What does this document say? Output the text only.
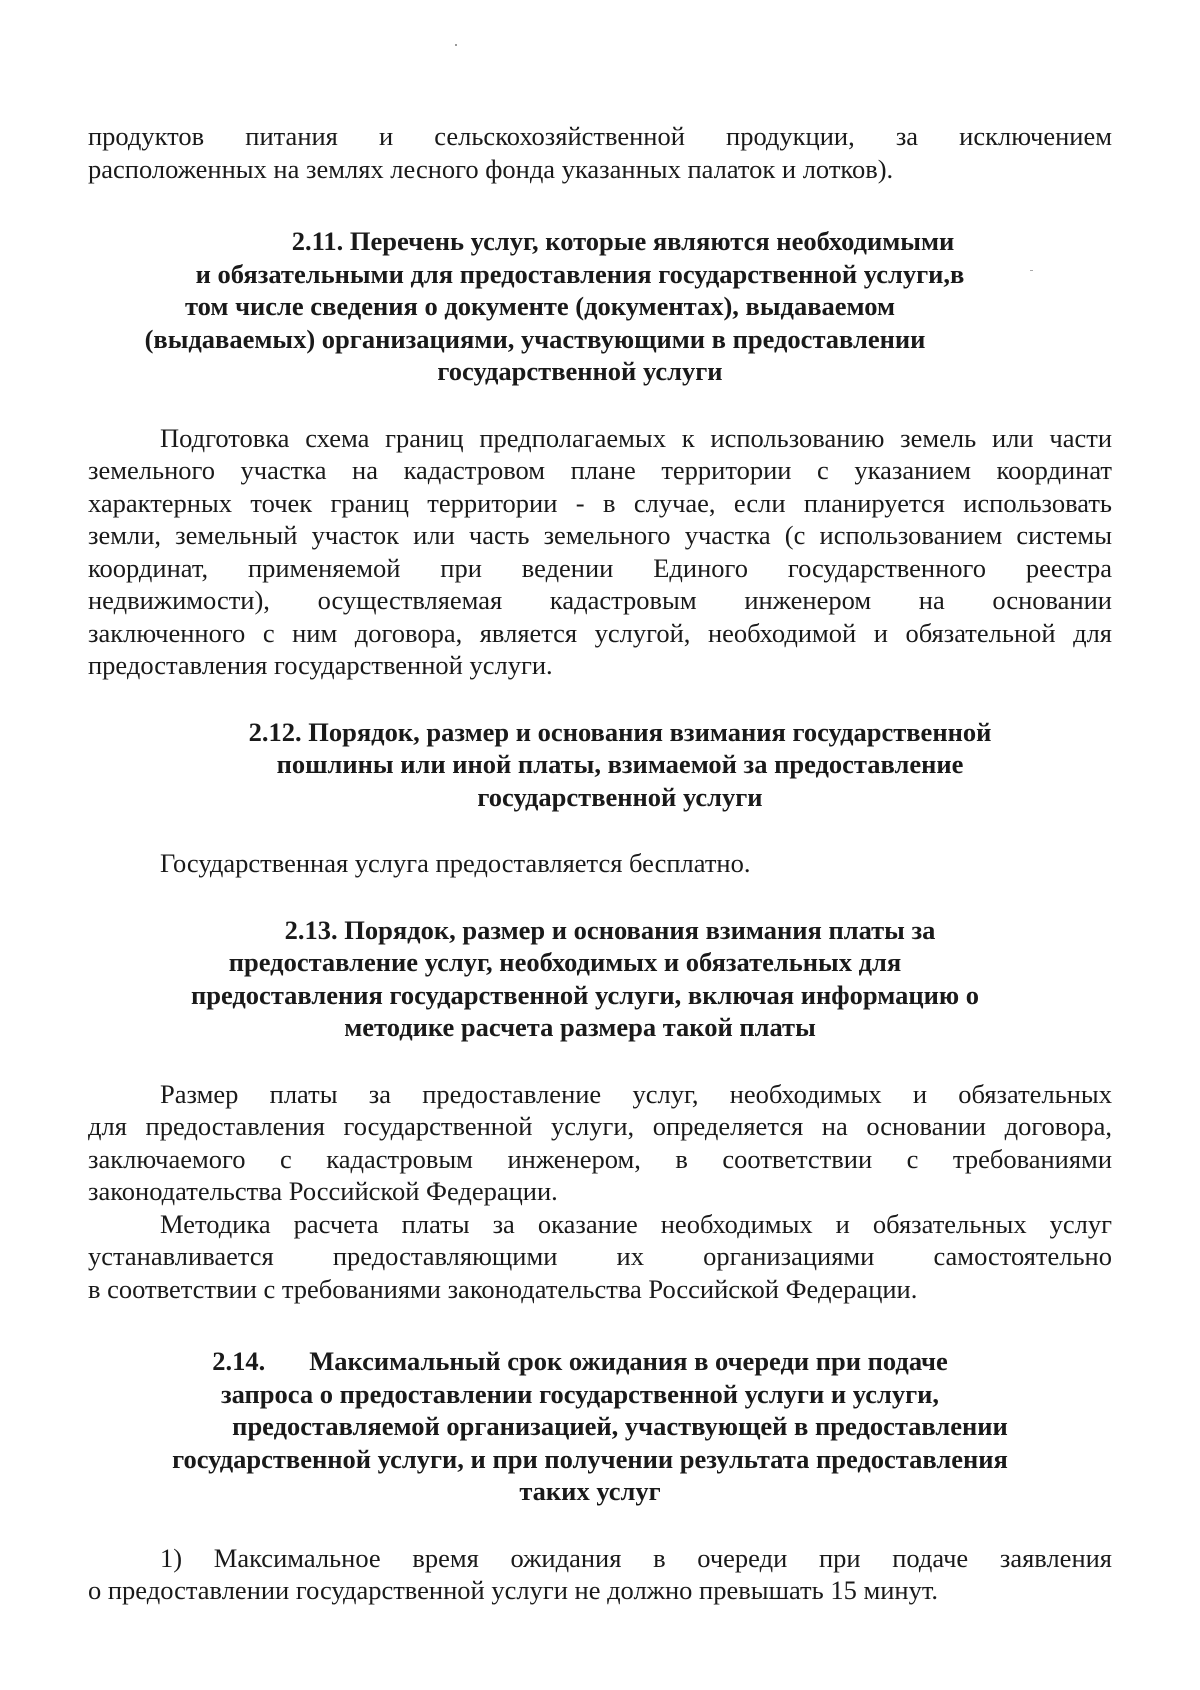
продуктов питания и сельскохозяйственной продукции, за исключением
расположенных на землях лесного фонда указанных палаток и лотков).
2.11. Перечень услуг, которые являются необходимыми
и обязательными для предоставления государственной услуги,в
том числе сведения о документе (документах), выдаваемом
(выдаваемых) организациями, участвующими в предоставлении
государственной услуги
Подготовка схема границ предполагаемых к использованию земель или части
земельного участка на кадастровом плане территории с указанием координат
характерных точек границ территории - в случае, если планируется использовать
земли, земельный участок или часть земельного участка (с использованием системы
координат, применяемой при ведении Единого государственного реестра
недвижимости), осуществляемая кадастровым инженером на основании
заключенного с ним договора, является услугой, необходимой и обязательной для
предоставления государственной услуги.
2.12. Порядок, размер и основания взимания государственной
пошлины или иной платы, взимаемой за предоставление
государственной услуги
Государственная услуга предоставляется бесплатно.
2.13. Порядок, размер и основания взимания платы за
предоставление услуг, необходимых и обязательных для
предоставления государственной услуги, включая информацию о
методике расчета размера такой платы
Размер платы за предоставление услуг, необходимых и обязательных
для предоставления государственной услуги, определяется на основании договора,
заключаемого с кадастровым инженером, в соответствии с требованиями
законодательства Российской Федерации.
Методика расчета платы за оказание необходимых и обязательных услуг
устанавливается предоставляющими их организациями самостоятельно
в соответствии с требованиями законодательства Российской Федерации.
2.14. Максимальный срок ожидания в очереди при подаче
запроса о предоставлении государственной услуги и услуги,
предоставляемой организацией, участвующей в предоставлении
государственной услуги, и при получении результата предоставления
таких услуг
1) Максимальное время ожидания в очереди при подаче заявления
о предоставлении государственной услуги не должно превышать 15 минут.
